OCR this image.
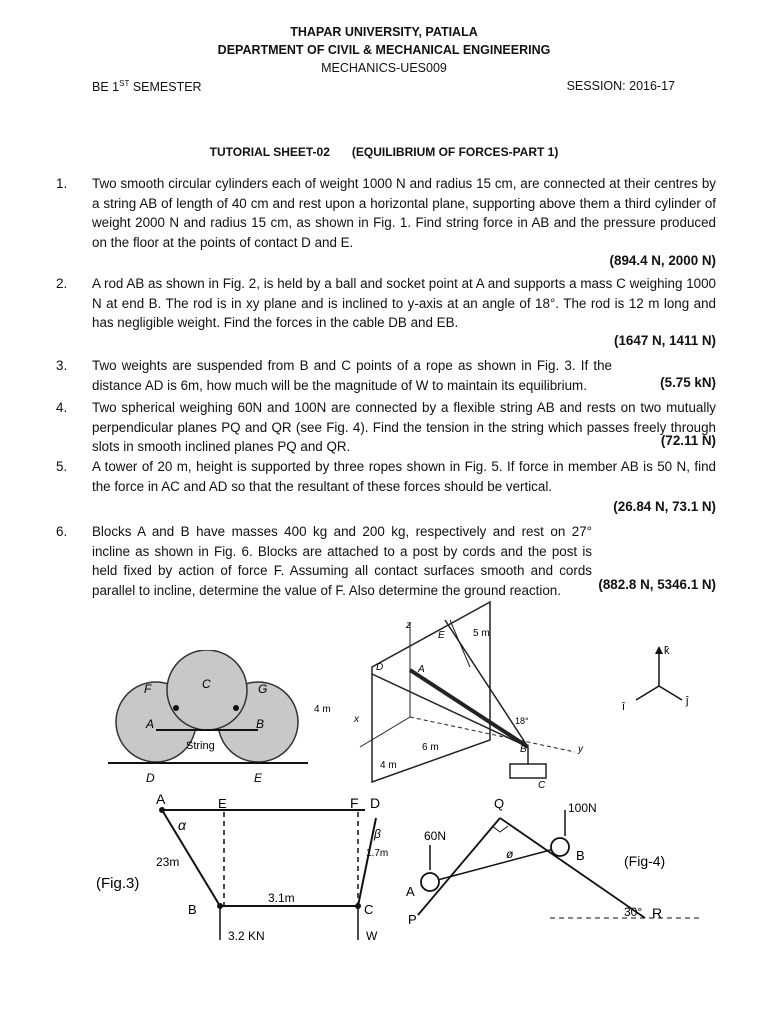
THAPAR UNIVERSITY, PATIALA
DEPARTMENT OF CIVIL & MECHANICAL ENGINEERING
MECHANICS-UES009
BE 1ST SEMESTER	SESSION: 2016-17
TUTORIAL SHEET-02 (EQUILIBRIUM OF FORCES-PART 1)
1. Two smooth circular cylinders each of weight 1000 N and radius 15 cm, are connected at their centres by a string AB of length of 40 cm and rest upon a horizontal plane, supporting above them a third cylinder of weight 2000 N and radius 15 cm, as shown in Fig. 1. Find string force in AB and the pressure produced on the floor at the points of contact D and E.
(894.4 N, 2000 N)
2. A rod AB as shown in Fig. 2, is held by a ball and socket point at A and supports a mass C weighing 1000 N at end B. The rod is in xy plane and is inclined to y-axis at an angle of 18°. The rod is 12 m long and has negligible weight. Find the forces in the cable DB and EB.
(1647 N, 1411 N)
3. Two weights are suspended from B and C points of a rope as shown in Fig. 3. If the distance AD is 6m, how much will be the magnitude of W to maintain its equilibrium.	(5.75 kN)
4. Two spherical weighing 60N and 100N are connected by a flexible string AB and rests on two mutually perpendicular planes PQ and QR (see Fig. 4). Find the tension in the string which passes freely through slots in smooth inclined planes PQ and QR.	(72.11 N)
5. A tower of 20 m, height is supported by three ropes shown in Fig. 5. If force in member AB is 50 N, find the force in AC and AD so that the resultant of these forces should be vertical.
(26.84 N, 73.1 N)
6. Blocks A and B have masses 400 kg and 200 kg, respectively and rest on 27° incline as shown in Fig. 6. Blocks are attached to a post by cords and the post is held fixed by action of force F. Assuming all contact surfaces smooth and cords parallel to incline, determine the value of F. Also determine the ground reaction.	(882.8 N, 5346.1 N)
F	C	G
A	B
String
D	E
z
E	5 m
D	A
4 m
x	18°
B	y
6 m
4 m
C
k̂
î	ĵ
A	E	F D
α
β
23m
1.7m
(Fig.3)
B
3.1m
C
3.2 KN	W
Q	100N
60N
B	(Fig-4)
A
P	30° R
ø
